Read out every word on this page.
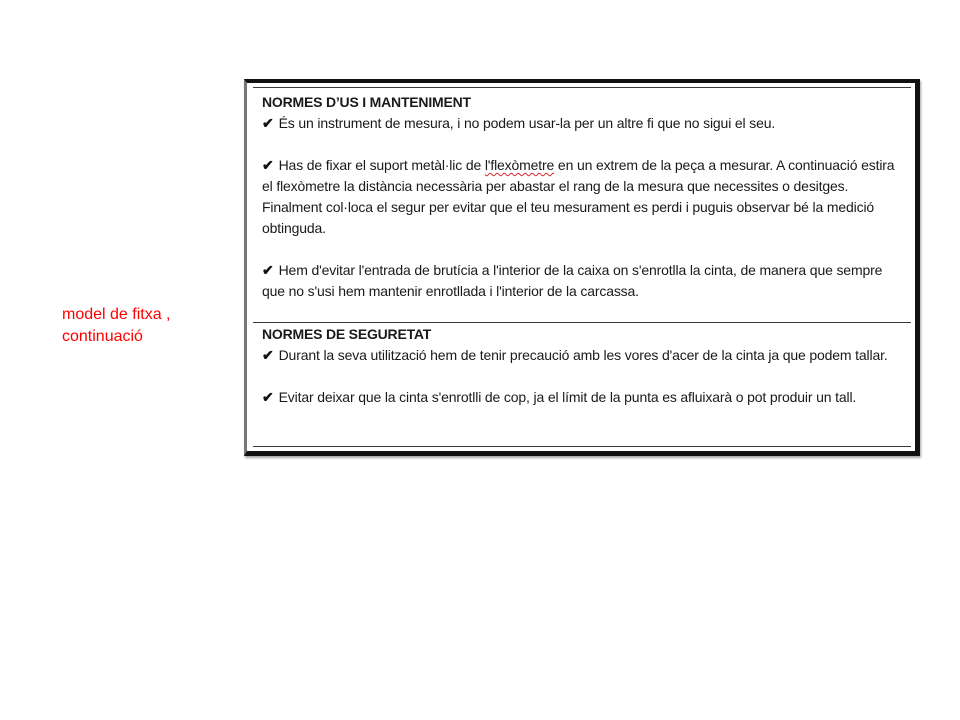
model de fitxa ,
continuació
NORMES D’US I MANTENIMENT

✔ És un instrument de mesura, i no podem usar-la per un altre fi que no sigui el seu.

✔ Has de fixar el suport metàl·lic de l'flexòmetre en un extrem de la peça a mesurar. A continuació estira el flexòmetre la distància necessària per abastar el rang de la mesura que necessites o desitges. Finalment col·loca el segur per evitar que el teu mesurament es perdi i puguis observar bé la medició obtinguda.

✔ Hem d'evitar l'entrada de brutícia a l'interior de la caixa on s'enrotlla la cinta, de manera que sempre que no s'usi hem mantenir enrotllada i l'interior de la carcassa.

NORMES DE SEGURETAT

✔ Durant la seva utilització hem de tenir precaució amb les vores d'acer de la cinta ja que podem tallar.

✔ Evitar deixar que la cinta s'enrotlli de cop, ja el límit de la punta es afluixarà o pot produir un tall.
